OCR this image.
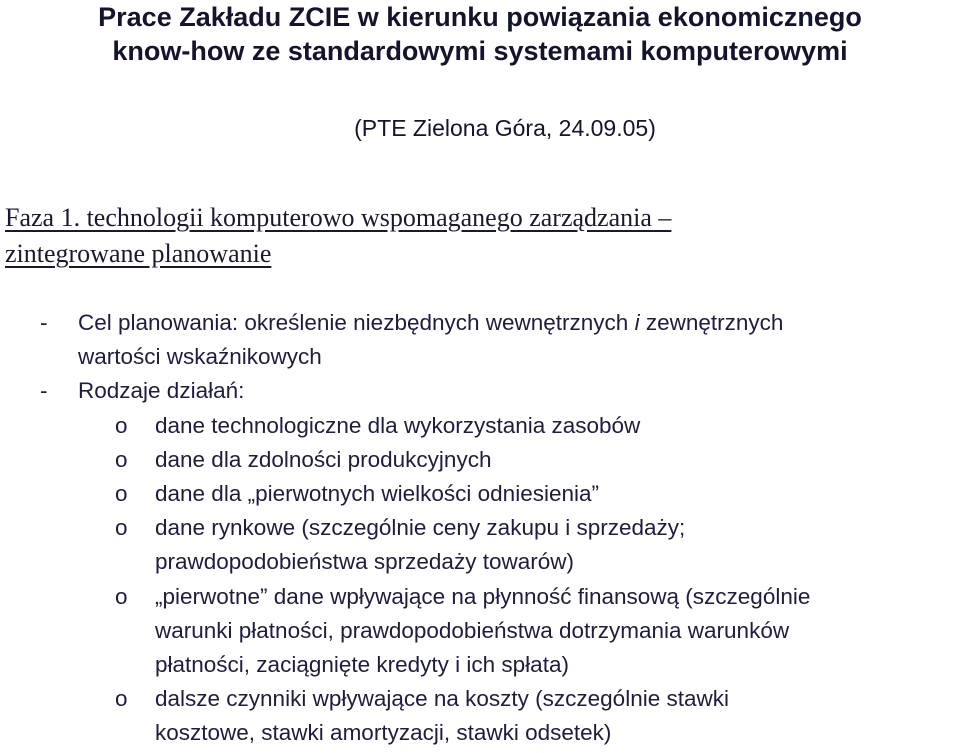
Prace Zakładu ZCIE w kierunku powiązania ekonomicznego
know-how ze standardowymi systemami komputerowymi
(PTE Zielona Góra, 24.09.05)
Faza 1. technologii komputerowo wspomaganego zarządzania –
zintegrowane planowanie
-	Cel planowania: określenie niezbędnych wewnętrznych i zewnętrznych
wartości wskaźnikowych
-	Rodzaje działań:
o	dane technologiczne dla wykorzystania zasobów
o	dane dla zdolności produkcyjnych
o	dane dla „pierwotnych wielkości odniesienia”
o	dane rynkowe (szczególnie ceny zakupu i sprzedaży;
prawdopodobieństwa sprzedaży towarów)
o	„pierwotne” dane wpływające na płynność finansową (szczególnie
warunki płatności, prawdopodobieństwa dotrzymania warunków
płatności, zaciągnięte kredyty i ich spłata)
o	dalsze czynniki wpływające na koszty (szczególnie stawki
kosztowe, stawki amortyzacji, stawki odsetek)
